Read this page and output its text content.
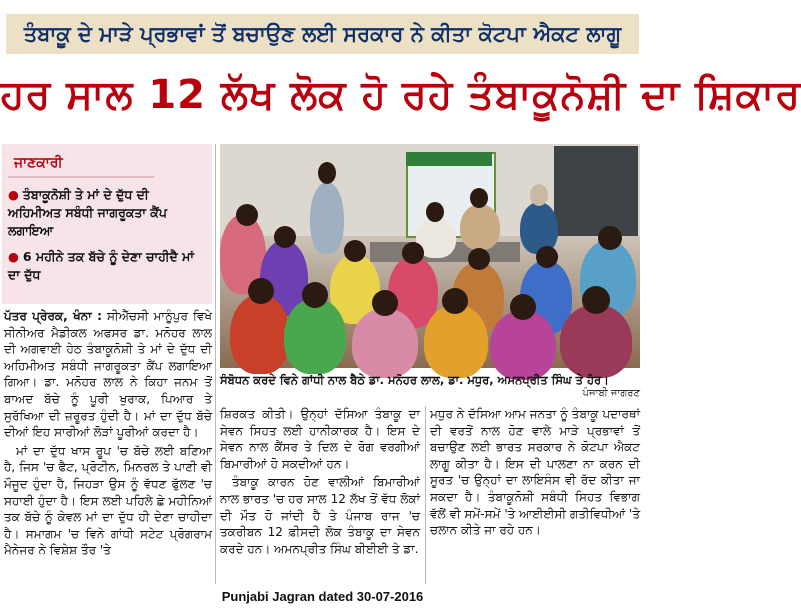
ਤੰਬਾਕੂ ਦੇ ਮਾੜੇ ਪ੍ਰਭਾਵਾਂ ਤੋਂ ਬਚਾਉਣ ਲਈ ਸਰਕਾਰ ਨੇ ਕੀਤਾ ਕੋਟਪਾ ਐਕਟ ਲਾਗੂ
ਹਰ ਸਾਲ 12 ਲੱਖ ਲੋਕ ਹੋ ਰਹੇ ਤੰਬਾਕੂਨੋਸ਼ੀ ਦਾ ਸ਼ਿਕਾਰ
ਜਾਣਕਾਰੀ
● ਤੰਬਾਕੂਨੋਸ਼ੀ ਤੇ ਮਾਂ ਦੇ ਦੁੱਧ ਦੀ ਅਹਿਮੀਅਤ ਸਬੰਧੀ ਜਾਗਰੂਕਤਾ ਕੈਂਪ ਲਗਾਇਆ
● 6 ਮਹੀਨੇ ਤਕ ਬੱਚੇ ਨੂੰ ਦੇਣਾ ਚਾਹੀਦੈ ਮਾਂ ਦਾ ਦੁੱਧ
ਸੰਬੋਧਨ ਕਰਦੇ ਵਿਨੇ ਗਾਂਧੀ ਨਾਲ ਬੈਠੇ ਡਾ. ਮਨੋਹਰ ਲਾਲ, ਡਾ. ਮਧੁਰ, ਅਮਨਪ੍ਰੀਤ ਸਿੰਘ ਤੇ ਹੋਰ।
ਪੰਜਾਬੀ ਜਾਗਰਣ

ਪੱਤਰ ਪ੍ਰੇਰਕ, ਖੰਨਾ : ਸੀਐੱਚਸੀ ਮਾਨੂੰਪੁਰ ਵਿਖੇ ਸੀਨੀਅਰ ਮੈਡੀਕਲ ਅਫਸਰ ਡਾ. ਮਨੋਹਰ ਲਾਲ ਦੀ ਅਗਵਾਈ ਹੇਠ ਤੰਬਾਕੂਨੋਸ਼ੀ ਤੇ ਮਾਂ ਦੇ ਦੁੱਧ ਦੀ ਅਹਿਮੀਅਤ ਸਬੰਧੀ ਜਾਗਰੂਕਤਾ ਕੈਂਪ ਲਗਾਇਆ ਗਿਆ। ਡਾ. ਮਨੋਹਰ ਲਾਲ ਨੇ ਕਿਹਾ ਜਨਮ ਤੋਂ ਬਾਅਦ ਬੱਚੇ ਨੂੰ ਪੂਰੀ ਖੁਰਾਕ, ਪਿਆਰ ਤੇ ਸੁਰੱਖਿਆ ਦੀ ਜ਼ਰੂਰਤ ਹੁੰਦੀ ਹੈ। ਮਾਂ ਦਾ ਦੁੱਧ ਬੱਚੇ ਦੀਆਂ ਇਹ ਸਾਰੀਆਂ ਲੋੜਾਂ ਪੂਰੀਆਂ ਕਰਦਾ ਹੈ।

ਮਾਂ ਦਾ ਦੁੱਧ ਖਾਸ ਰੂਪ 'ਚ ਬੱਚੇ ਲਈ ਬਣਿਆ ਹੈ, ਜਿਸ 'ਚ ਫੈਟ, ਪ੍ਰੋਟੀਨ, ਮਿਨਰਲ ਤੇ ਪਾਣੀ ਵੀ ਮੌਜੂਦ ਹੁੰਦਾ ਹੈ, ਜਿਹੜਾ ਉਸ ਨੂੰ ਵੱਧਣ ਫੁੱਲਣ 'ਚ ਸਹਾਈ ਹੁੰਦਾ ਹੈ। ਇਸ ਲਈ ਪਹਿਲੇ ਛੇ ਮਹੀਨਿਆਂ ਤਕ ਬੱਚੇ ਨੂੰ ਕੇਵਲ ਮਾਂ ਦਾ ਦੁੱਧ ਹੀ ਦੇਣਾ ਚਾਹੀਦਾ ਹੈ। ਸਮਾਗਮ 'ਚ ਵਿਨੇ ਗਾਂਧੀ ਸਟੇਟ ਪ੍ਰੋਗਰਾਮ ਮੈਨੇਜਰ ਨੇ ਵਿਸ਼ੇਸ਼ ਤੌਰ 'ਤੇ

ਸ਼ਿਰਕਤ ਕੀਤੀ। ਉਨ੍ਹਾਂ ਦੱਸਿਆ ਤੰਬਾਕੂ ਦਾ ਸੇਵਨ ਸਿਹਤ ਲਈ ਹਾਨੀਕਾਰਕ ਹੈ। ਇਸ ਦੇ ਸੇਵਨ ਨਾਲ ਕੈਂਸਰ ਤੇ ਦਿਲ ਦੇ ਰੋਗ ਵਰਗੀਆਂ ਬਿਮਾਰੀਆਂ ਹੋ ਸਕਦੀਆਂ ਹਨ।

ਤੰਬਾਕੂ ਕਾਰਨ ਹੋਣ ਵਾਲੀਆਂ ਬਿਮਾਰੀਆਂ ਨਾਲ ਭਾਰਤ 'ਚ ਹਰ ਸਾਲ 12 ਲੱਖ ਤੋਂ ਵੱਧ ਲੋਕਾਂ ਦੀ ਮੌਤ ਹੋ ਜਾਂਦੀ ਹੈ ਤੇ ਪੰਜਾਬ ਰਾਜ 'ਚ ਤਕਰੀਬਨ 12 ਫ਼ੀਸਦੀ ਲੋਕ ਤੰਬਾਕੂ ਦਾ ਸੇਵਨ ਕਰਦੇ ਹਨ। ਅਮਨਪ੍ਰੀਤ ਸਿੰਘ ਬੀਈਈ ਤੇ ਡਾ.

ਮਧੁਰ ਨੇ ਦੱਸਿਆ ਆਮ ਜਨਤਾ ਨੂੰ ਤੰਬਾਕੂ ਪਦਾਰਥਾਂ ਦੀ ਵਰਤੋਂ ਨਾਲ ਹੋਣ ਵਾਲੇ ਮਾੜੇ ਪ੍ਰਭਾਵਾਂ ਤੋਂ ਬਚਾਉਣ ਲਈ ਭਾਰਤ ਸਰਕਾਰ ਨੇ ਕੋਟਪਾ ਐਕਟ ਲਾਗੂ ਕੀਤਾ ਹੈ। ਇਸ ਦੀ ਪਾਲਣਾ ਨਾ ਕਰਨ ਦੀ ਸੂਰਤ 'ਚ ਉਨ੍ਹਾਂ ਦਾ ਲਾਇਸੰਸ ਵੀ ਰੱਦ ਕੀਤਾ ਜਾ ਸਕਦਾ ਹੈ। ਤੰਬਾਕੂਨੋਸ਼ੀ ਸਬੰਧੀ ਸਿਹਤ ਵਿਭਾਗ ਵੱਲੋਂ ਵੀ ਸਮੇਂ-ਸਮੇਂ 'ਤੇ ਆਈਈਸੀ ਗਤੀਵਿਧੀਆਂ 'ਤੇ ਚਲਾਨ ਕੀਤੇ ਜਾ ਰਹੇ ਹਨ।

Punjabi Jagran dated 30-07-2016
